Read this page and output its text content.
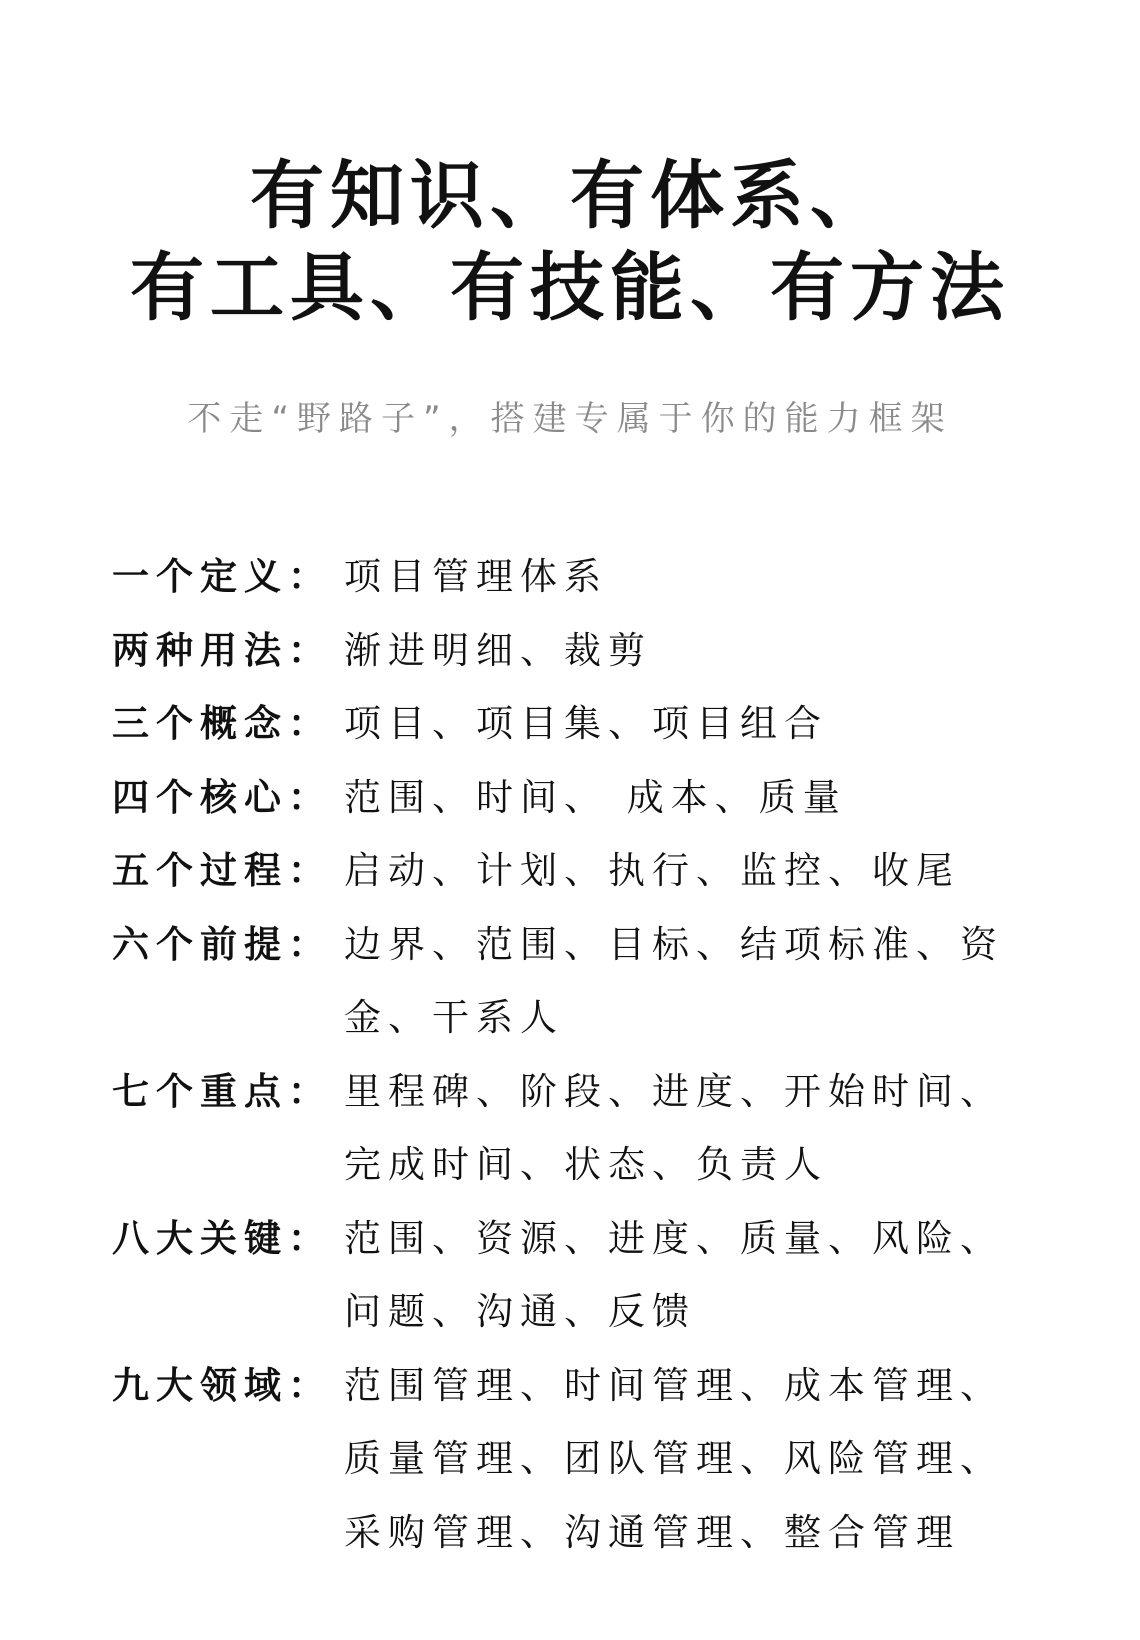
有知识、有体系、
有工具、有技能、有方法
不走“野路子”，搭建专属于你的能力框架
一个定义： 项目管理体系
两种用法： 渐进明细、裁剪
三个概念： 项目、项目集、项目组合
四个核心： 范围、时间、 成本、质量
五个过程： 启动、计划、执行、监控、收尾
六个前提： 边界、范围、目标、结项标准、资
金、干系人
七个重点： 里程碑、阶段、进度、开始时间、
完成时间、状态、负责人
八大关键： 范围、资源、进度、质量、风险、
问题、沟通、反馈
九大领域： 范围管理、时间管理、成本管理、
质量管理、团队管理、风险管理、
采购管理、沟通管理、整合管理
